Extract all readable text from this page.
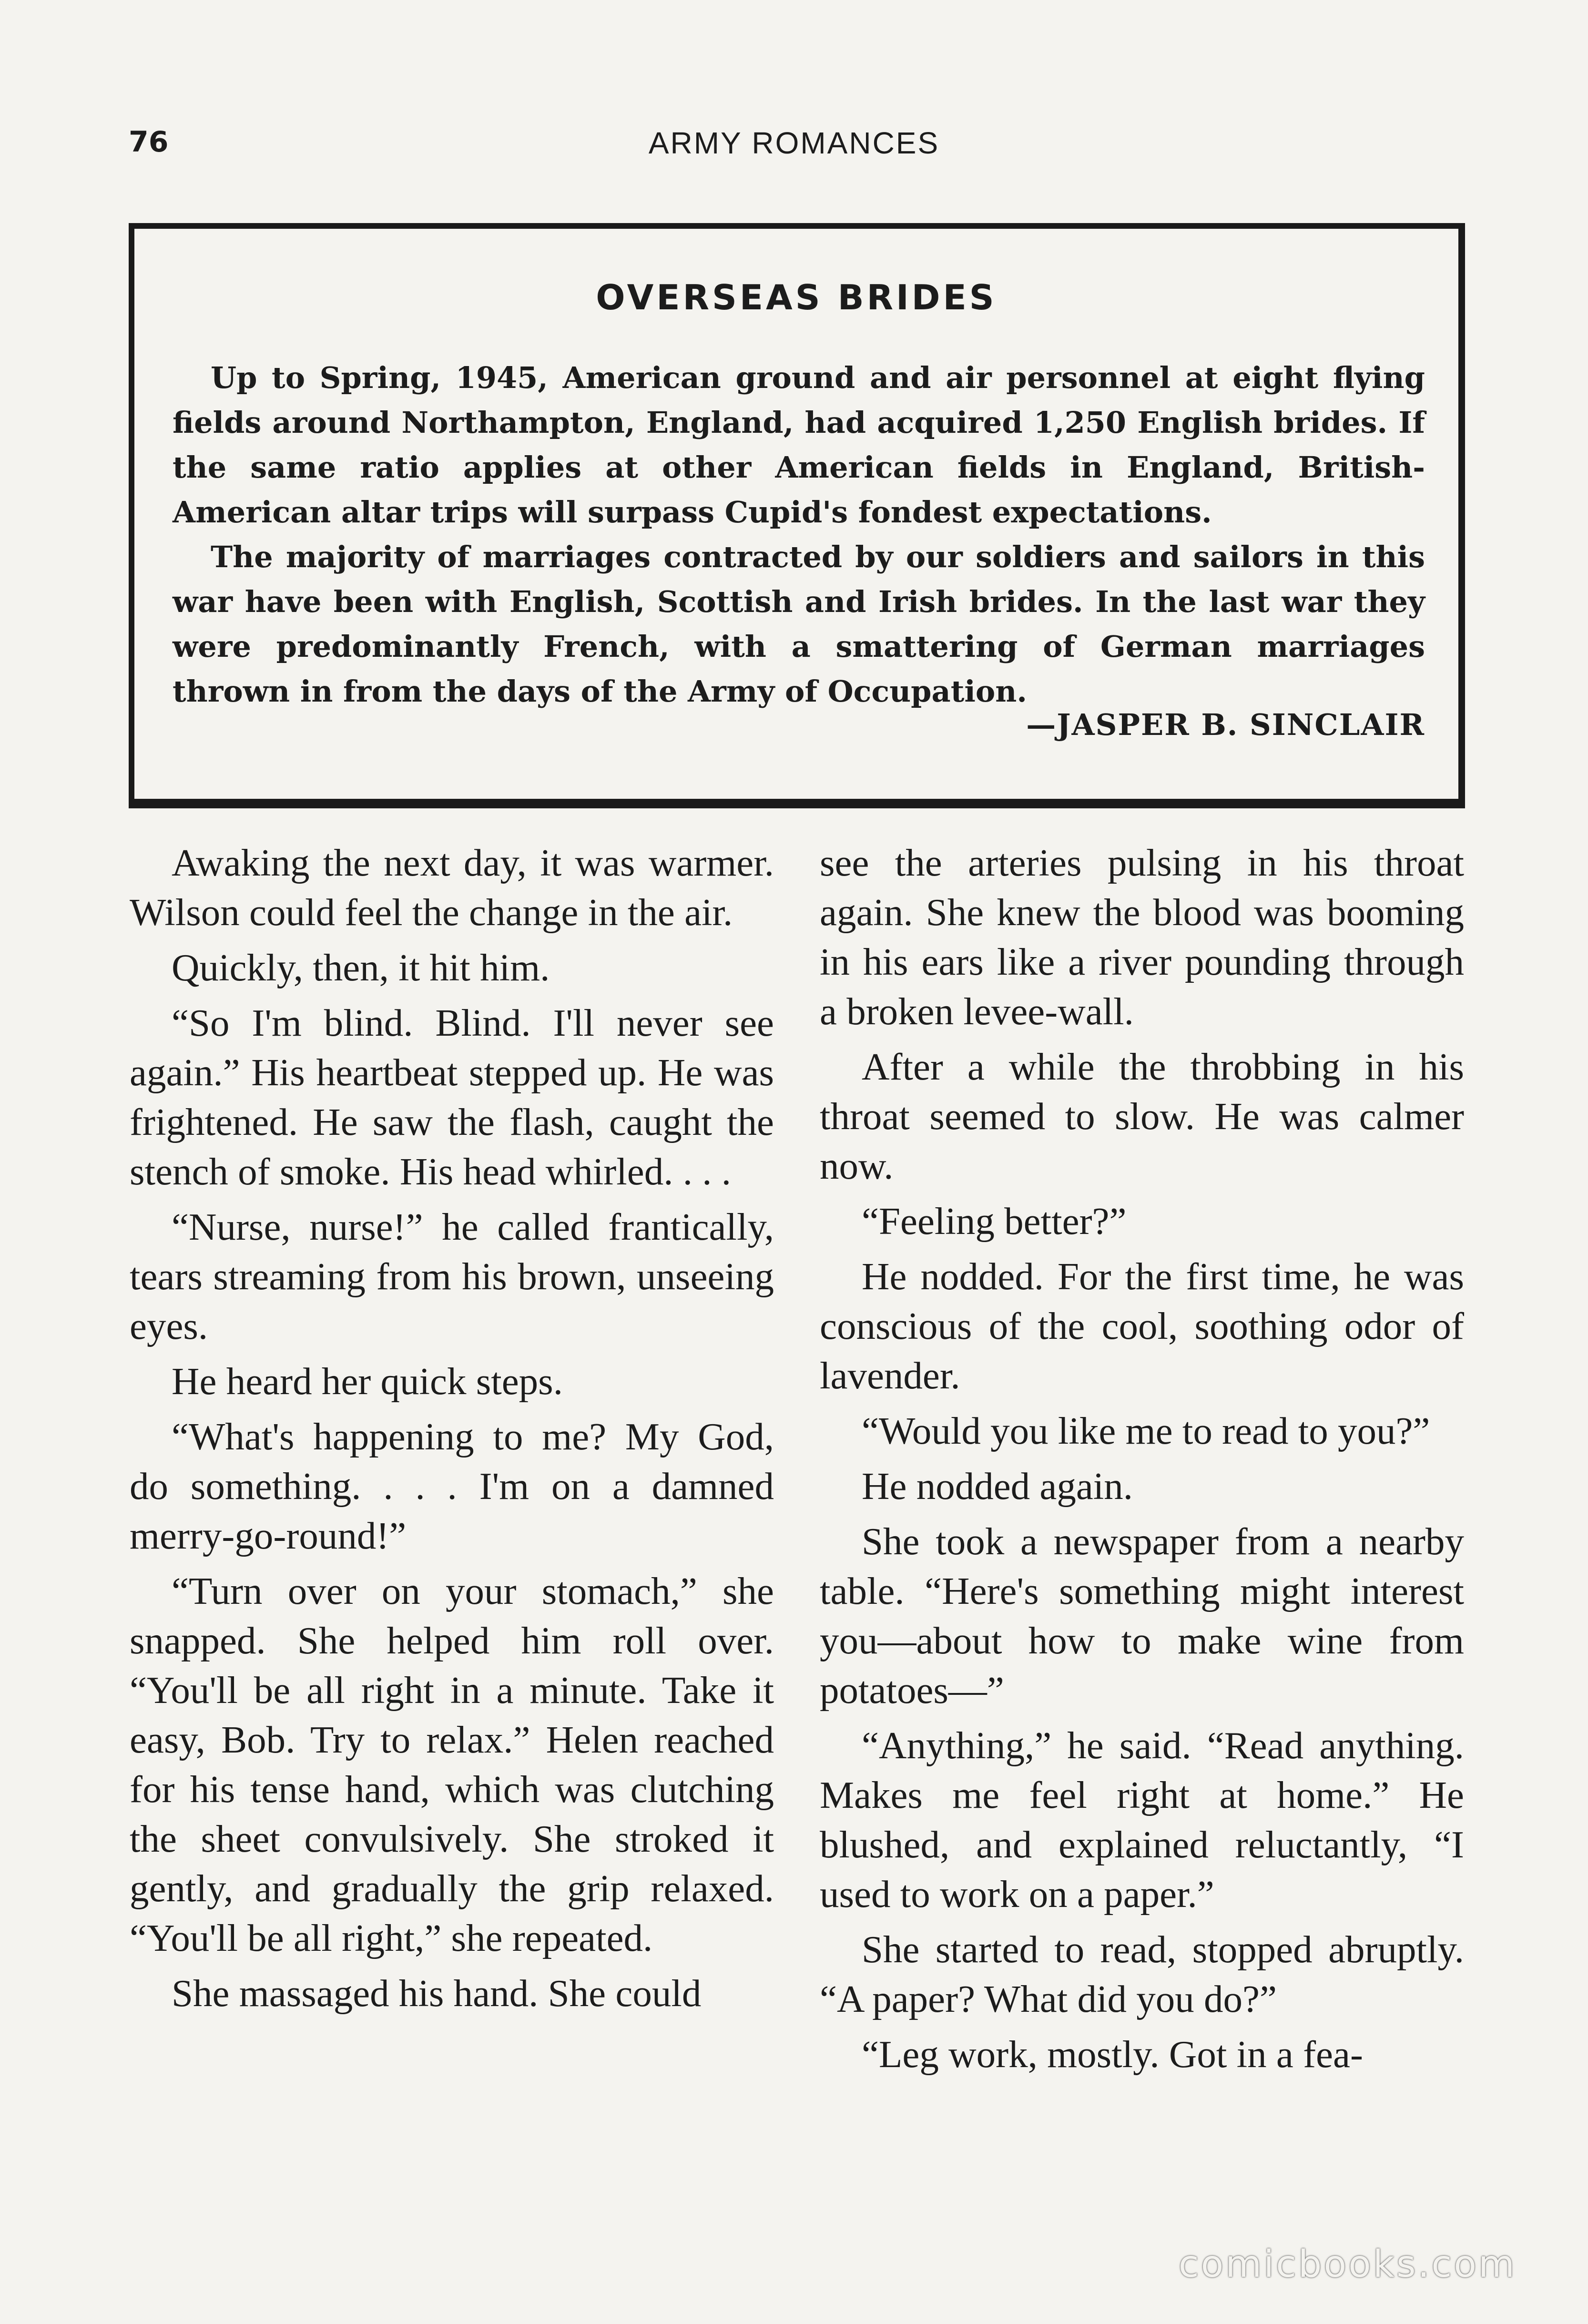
76	ARMY ROMANCES
OVERSEAS BRIDES

Up to Spring, 1945, American ground and air personnel at eight flying fields around Northampton, England, had acquired 1,250 English brides. If the same ratio applies at other American fields in England, British-American altar trips will surpass Cupid's fondest expectations.

The majority of marriages contracted by our soldiers and sailors in this war have been with English, Scottish and Irish brides. In the last war they were predominantly French, with a smattering of German marriages thrown in from the days of the Army of Occupation.

—JASPER B. SINCLAIR

Awaking the next day, it was warmer. Wilson could feel the change in the air.

Quickly, then, it hit him.

“So I'm blind. Blind. I'll never see again.” His heartbeat stepped up. He was frightened. He saw the flash, caught the stench of smoke. His head whirled. . . .

“Nurse, nurse!” he called frantically, tears streaming from his brown, unseeing eyes.

He heard her quick steps.

“What's happening to me? My God, do something. . . . I'm on a damned merry-go-round!”

“Turn over on your stomach,” she snapped. She helped him roll over. “You'll be all right in a minute. Take it easy, Bob. Try to relax.” Helen reached for his tense hand, which was clutching the sheet convulsively. She stroked it gently, and gradually the grip relaxed. “You'll be all right,” she repeated.

She massaged his hand. She could

see the arteries pulsing in his throat again. She knew the blood was booming in his ears like a river pounding through a broken levee-wall.

After a while the throbbing in his throat seemed to slow. He was calmer now.

“Feeling better?”

He nodded. For the first time, he was conscious of the cool, soothing odor of lavender.

“Would you like me to read to you?”

He nodded again.

She took a newspaper from a nearby table. “Here's something might interest you—about how to make wine from potatoes—”

“Anything,” he said. “Read anything. Makes me feel right at home.” He blushed, and explained reluctantly, “I used to work on a paper.”

She started to read, stopped abruptly. “A paper? What did you do?”

“Leg work, mostly. Got in a fea-

comicbooks.com
